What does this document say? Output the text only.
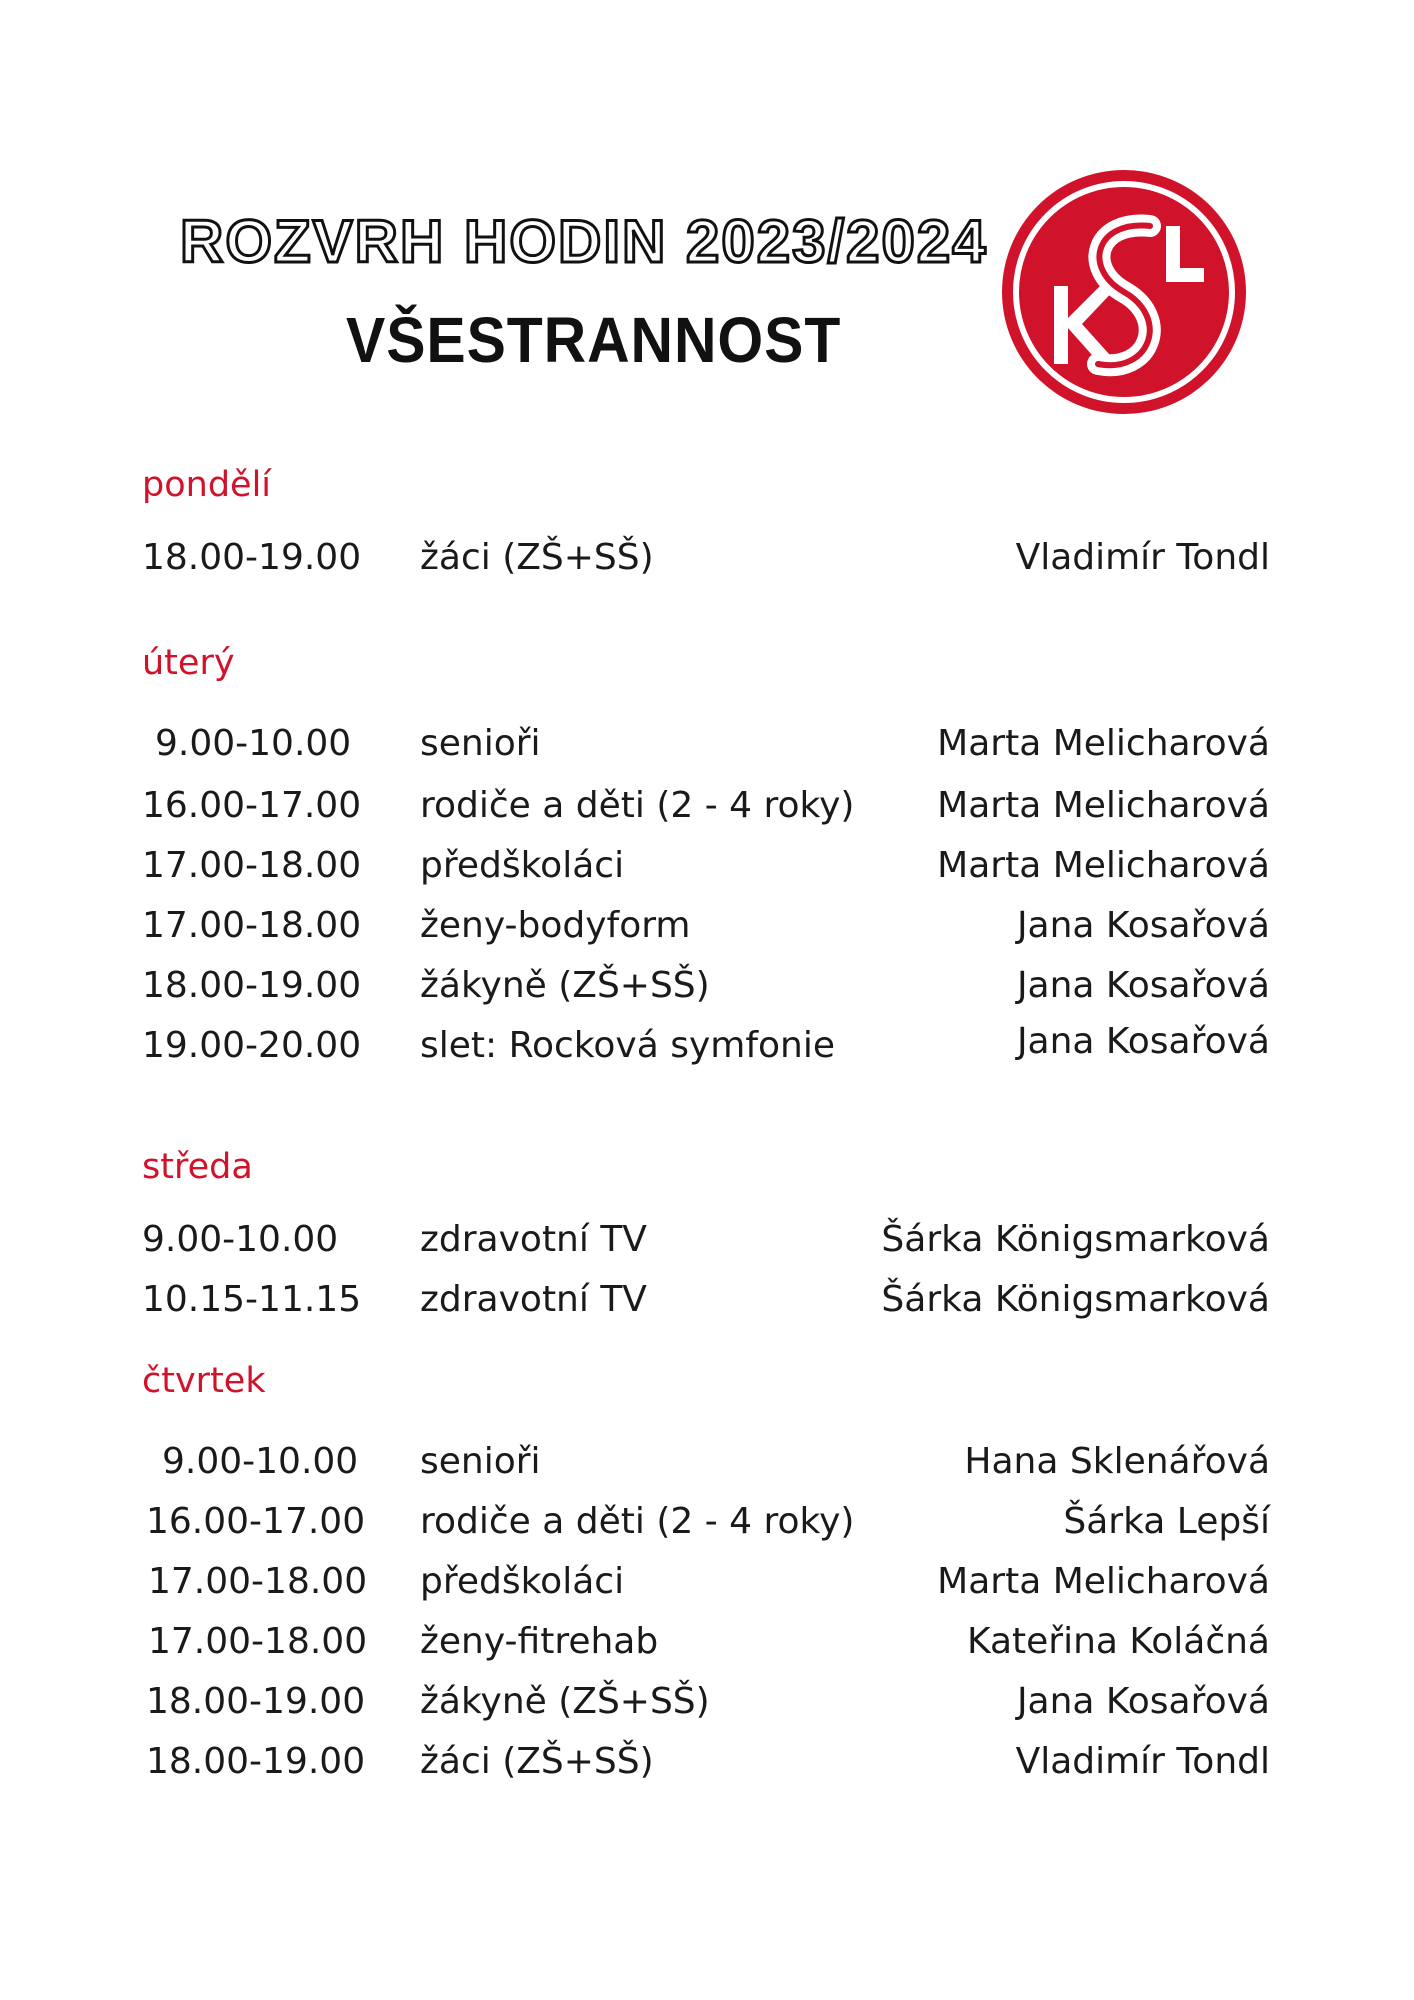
ROZVRH HODIN 2023/2024
VŠESTRANNOST
pondělí
18.00-19.00 žáci (ZŠ+SŠ)	Vladimír Tondl
úterý
9.00-10.00 senioři	Marta Melicharová
16.00-17.00 rodiče a děti (2 - 4 roky) Marta Melicharová
17.00-18.00 předškoláci	Marta Melicharová
17.00-18.00 ženy-bodyform	Jana Kosařová
18.00-19.00 žákyně (ZŠ+SŠ)	Jana Kosařová
19.00-20.00 slet: Rocková symfonie	Jana Kosařová
středa
9.00-10.00 zdravotní TV	Šárka Königsmarková
10.15-11.15 zdravotní TV	Šárka Königsmarková
čtvrtek
9.00-10.00 senioři	Hana Sklenářová
16.00-17.00 rodiče a děti (2 - 4 roky)	Šárka Lepší
17.00-18.00 předškoláci	Marta Melicharová
17.00-18.00 ženy-fitrehab	Kateřina Koláčná
18.00-19.00 žákyně (ZŠ+SŠ)	Jana Kosařová
18.00-19.00 žáci (ZŠ+SŠ)	Vladimír Tondl
